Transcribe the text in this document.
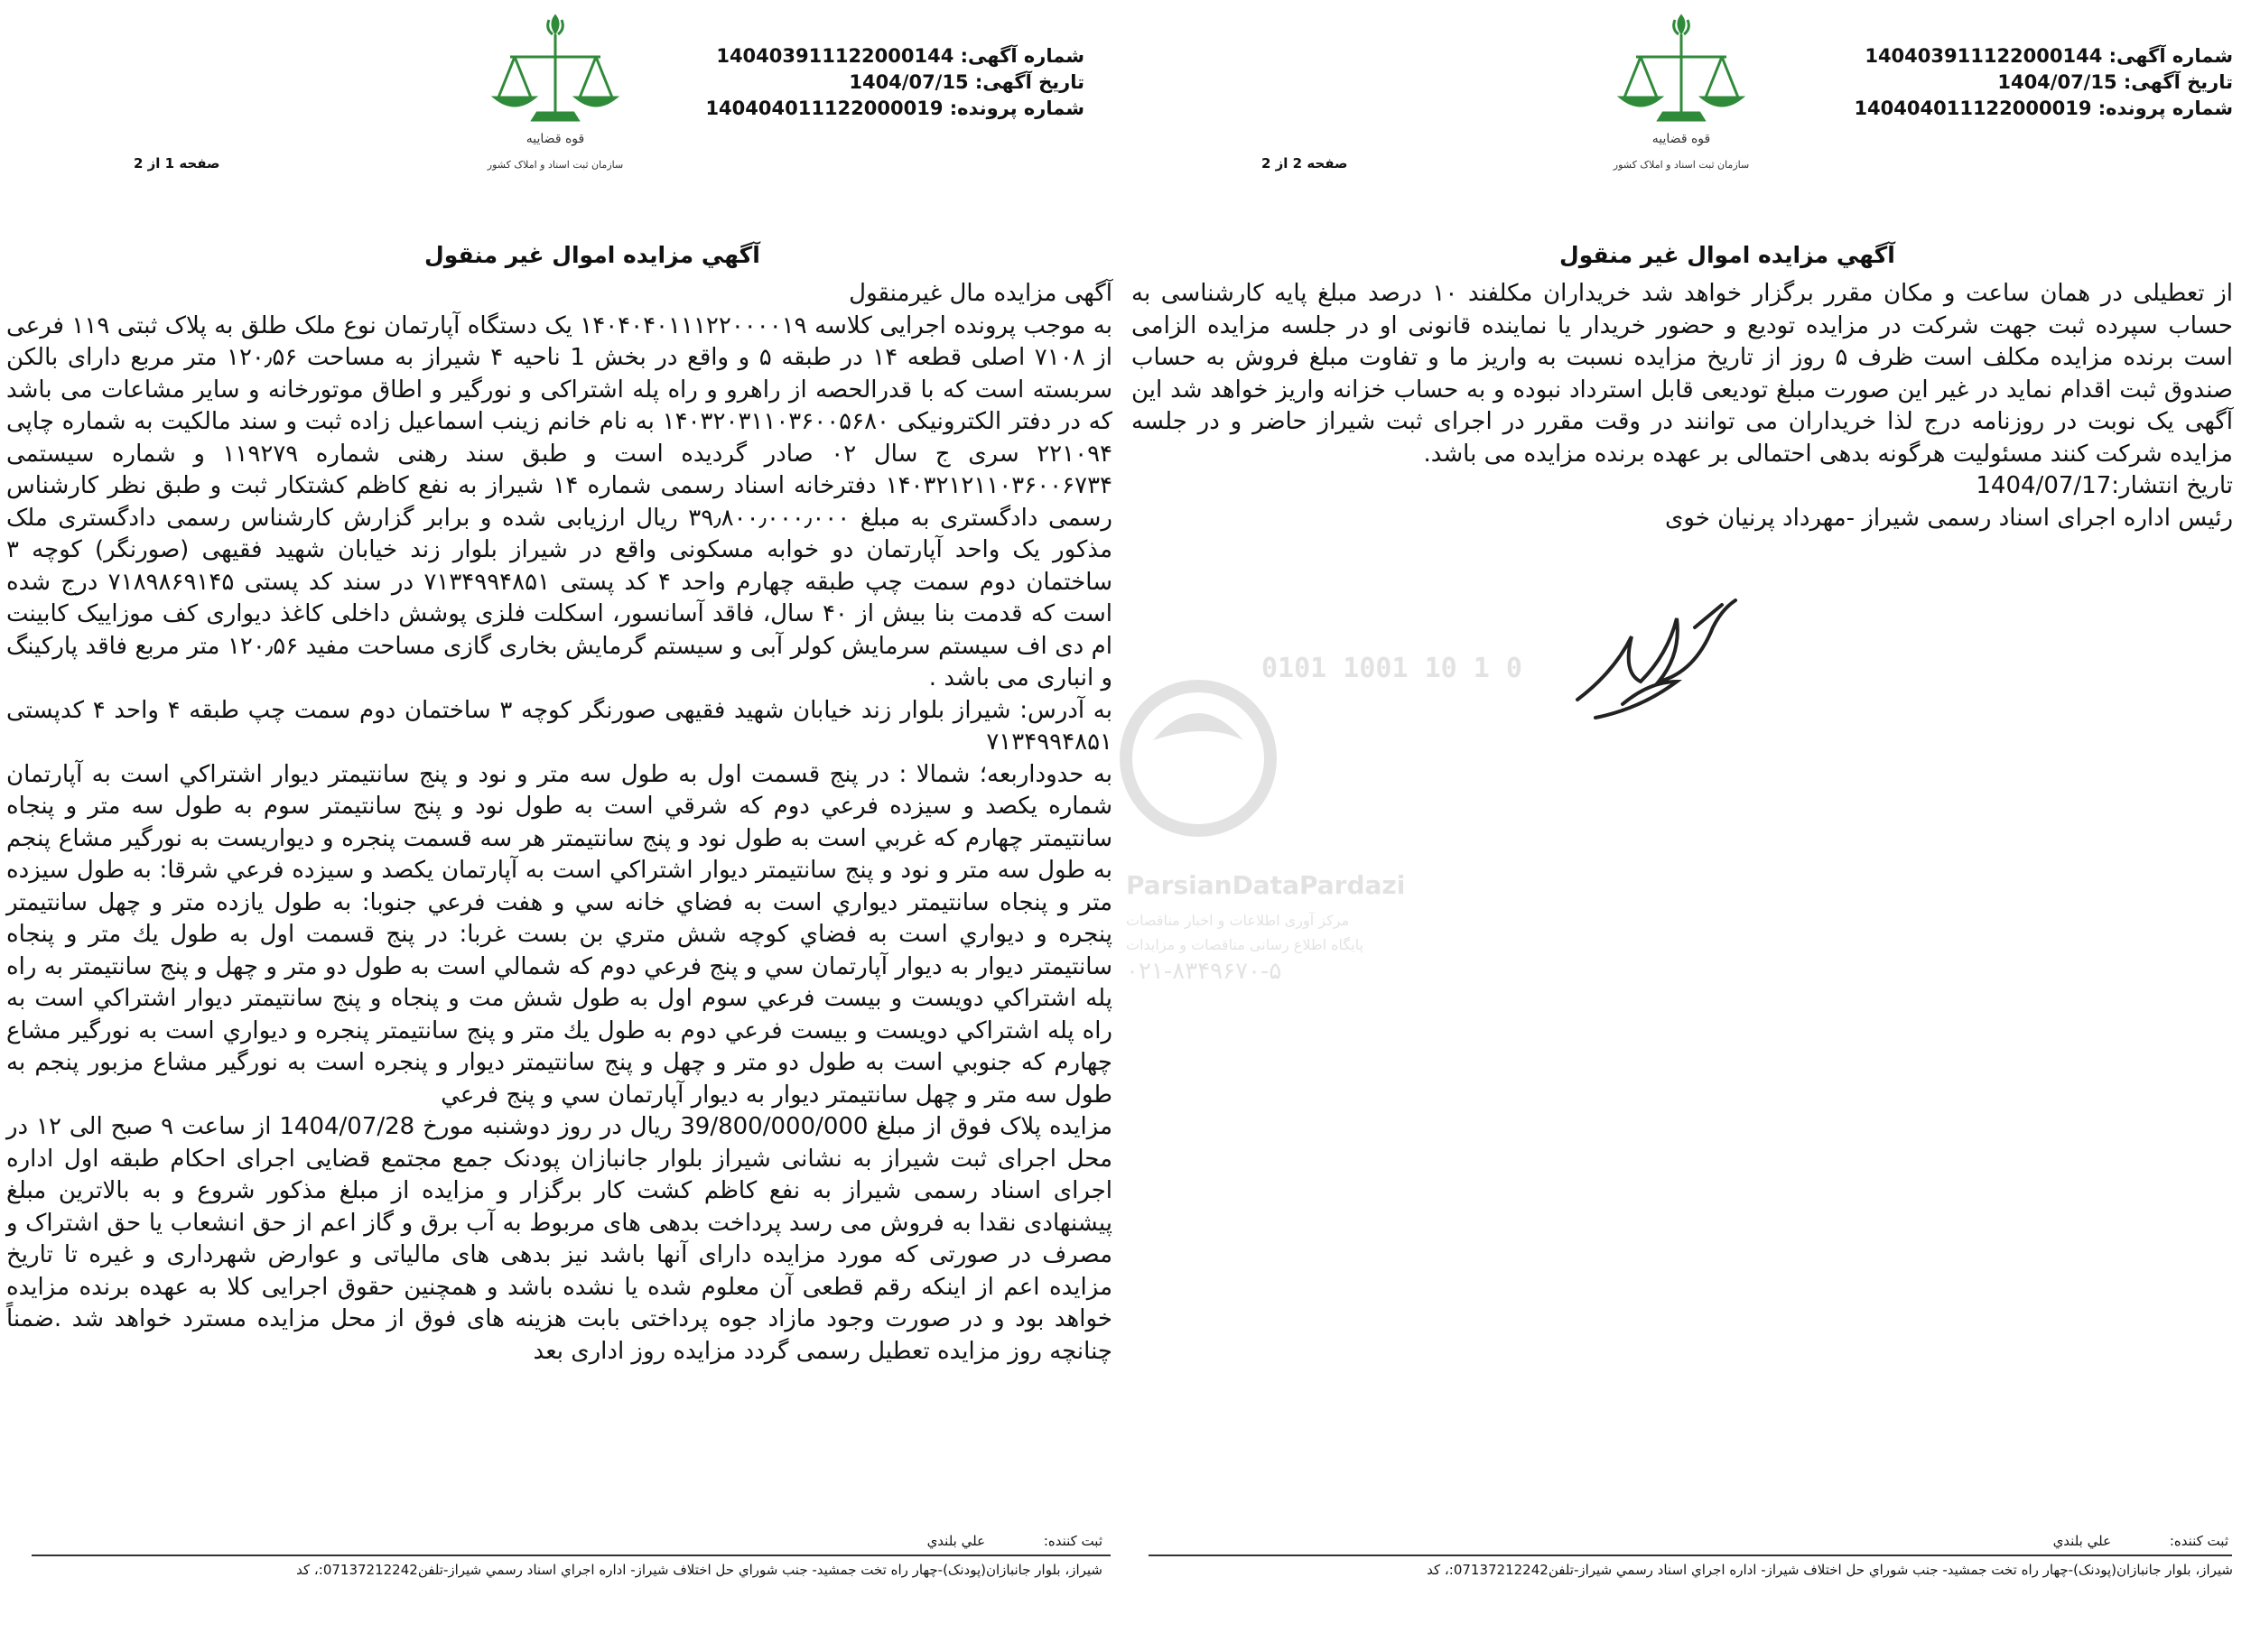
شماره آگهی: 140403911122000144
تاریخ آگهی: 1404/07/15
شماره پرونده: 140404011122000019
قوه قضاییه
سازمان ثبت اسناد و املاک کشور
صفحه 1 از 2
آگهي مزايده اموال غير منقول

آگهی مزایده مال غیرمنقول

به موجب پرونده اجرایی کلاسه ۱۴۰۴۰۴۰۱۱۱۲۲۰۰۰۰۱۹ یک دستگاه آپارتمان نوع ملک طلق به پلاک ثبتی ۱۱۹ فرعی از ۷۱۰۸ اصلی قطعه ۱۴ در طبقه ۵ و واقع در بخش 1 ناحیه ۴ شیراز به مساحت ۱۲۰٫۵۶ متر مربع دارای بالکن سربسته است که با قدرالحصه از راهرو و راه پله اشتراکی و نورگیر و اطاق موتورخانه و سایر مشاعات می باشد که در دفتر الکترونیکی ۱۴۰۳۲۰۳۱۱۰۳۶۰۰۵۶۸۰ به نام خانم زینب اسماعیل زاده ثبت و سند مالکیت به شماره چاپی ۲۲۱۰۹۴ سری ج سال ۰۲ صادر گردیده است و طبق سند رهنی شماره ۱۱۹۲۷۹ و شماره سیستمی ۱۴۰۳۲۱۲۱۱۰۳۶۰۰۶۷۳۴ دفترخانه اسناد رسمی شماره ۱۴ شیراز به نفع کاظم کشتکار ثبت و طبق نظر کارشناس رسمی دادگستری به مبلغ ۳۹٫۸۰۰٫۰۰۰٫۰۰۰ ریال ارزیابی شده و برابر گزارش کارشناس رسمی دادگستری ملک مذکور یک واحد آپارتمان دو خوابه مسکونی واقع در شیراز بلوار زند خیابان شهید فقیهی (صورنگر) کوچه ۳ ساختمان دوم سمت چپ طبقه چهارم واحد ۴ کد پستی ۷۱۳۴۹۹۴۸۵۱ در سند کد پستی ۷۱۸۹۸۶۹۱۴۵ درج شده است که قدمت بنا بیش از ۴۰ سال، فاقد آسانسور، اسکلت فلزی پوشش داخلی کاغذ دیواری کف موزاییک کابینت ام دی اف سیستم سرمایش کولر آبی و سیستم گرمایش بخاری گازی مساحت مفید ۱۲۰٫۵۶ متر مربع فاقد پارکینگ و انباری می باشد .

به آدرس: شیراز بلوار زند خیابان شهید فقیهی صورنگر کوچه ۳ ساختمان دوم سمت چپ طبقه ۴ واحد ۴ کدپستی ۷۱۳۴۹۹۴۸۵۱

به حدوداربعه؛ شمالا : در پنج قسمت اول به طول سه متر و نود و پنج سانتيمتر ديوار اشتراكي است به آپارتمان شماره يكصد و سيزده فرعي دوم كه شرقي است به طول نود و پنج سانتيمتر سوم به طول سه متر و پنجاه سانتيمتر چهارم كه غربي است به طول نود و پنج سانتيمتر هر سه قسمت پنجره و ديواريست به نورگير مشاع پنجم به طول سه متر و نود و پنج سانتيمتر ديوار اشتراكي است به آپارتمان يكصد و سيزده فرعي شرقا: به طول سيزده متر و پنجاه سانتيمتر ديواري است به فضاي خانه سي و هفت فرعي جنوبا: به طول يازده متر و چهل سانتيمتر پنجره و ديواري است به فضاي كوچه شش متري بن بست غربا: در پنج قسمت اول به طول يك متر و پنجاه سانتيمتر ديوار به ديوار آپارتمان سي و پنج فرعي دوم كه شمالي است به طول دو متر و چهل و پنج سانتيمتر به راه پله اشتراكي دويست و بيست فرعي سوم اول به طول شش مت و پنجاه و پنج سانتيمتر ديوار اشتراكي است به راه پله اشتراكي دويست و بيست فرعي دوم به طول يك متر و پنج سانتيمتر پنجره و ديواري است به نورگير مشاع چهارم كه جنوبي است به طول دو متر و چهل و پنج سانتيمتر ديوار و پنجره است به نورگير مشاع مزبور پنجم به طول سه متر و چهل سانتيمتر ديوار به ديوار آپارتمان سي و پنج فرعي

مزایده پلاک فوق از مبلغ 39/800/000/000 ریال در روز دوشنبه مورخ 1404/07/28 از ساعت ۹ صبح الی ۱۲ در محل اجرای ثبت شیراز به نشانی شیراز بلوار جانبازان پودنک جمع مجتمع قضایی اجرای احکام طبقه اول اداره اجرای اسناد رسمی شیراز به نفع کاظم کشت کار برگزار و مزایده از مبلغ مذکور شروع و به بالاترین مبلغ پیشنهادی نقدا به فروش می رسد پرداخت بدهی های مربوط به آب برق و گاز اعم از حق انشعاب یا حق اشتراک و مصرف در صورتی که مورد مزایده دارای آنها باشد نیز بدهی های مالیاتی و عوارض شهرداری و غیره تا تاریخ مزایده اعم از اینکه رقم قطعی آن معلوم شده یا نشده باشد و همچنین حقوق اجرایی کلا به عهده برنده مزایده خواهد بود و در صورت وجود مازاد جوه پرداختی بابت هزینه های فوق از محل مزایده مسترد خواهد شد .ضمناً چنانچه روز مزایده تعطیل رسمی گردد مزایده روز اداری بعد

ثبت كننده: علي بلندي
شيراز، بلوار جانبازان(پودنک)-چهار راه تخت جمشيد- جنب شوراي حل اختلاف شيراز- اداره اجراي اسناد رسمي شيراز-تلفن07137212242:، كد
شماره آگهی: 140403911122000144
تاریخ آگهی: 1404/07/15
شماره پرونده: 140404011122000019
قوه قضاییه
سازمان ثبت اسناد و املاک کشور
صفحه 2 از 2
آگهي مزايده اموال غير منقول

از تعطیلی در همان ساعت و مکان مقرر برگزار خواهد شد خریداران مکلفند ۱۰ درصد مبلغ پایه کارشناسی به حساب سپرده ثبت جهت شرکت در مزایده تودیع و حضور خریدار یا نماینده قانونی او در جلسه مزایده الزامی است برنده مزایده مکلف است ظرف ۵ روز از تاریخ مزایده نسبت به واریز ما و تفاوت مبلغ فروش به حساب صندوق ثبت اقدام نماید در غیر این صورت مبلغ تودیعی قابل استرداد نبوده و به حساب خزانه واریز خواهد شد این آگهی یک نوبت در روزنامه درج لذا خریداران می توانند در وقت مقرر در اجرای ثبت شیراز حاضر و در جلسه مزایده شرکت کنند مسئولیت هرگونه بدهی احتمالی بر عهده برنده مزایده می باشد.

تاریخ انتشار:1404/07/17

رئیس اداره اجرای اسناد رسمی شیراز -مهرداد پرنیان خوی

0101 1001 10 1 0
ParsianDataPardazi
مرکز آوری اطلاعات و اخبار مناقصات
پایگاه اطلاع رسانی مناقصات و مزایدات
۰۲۱-۸۳۴۹۶۷۰-۵
ثبت كننده: علي بلندي
شيراز، بلوار جانبازان(پودنک)-چهار راه تخت جمشيد- جنب شوراي حل اختلاف شيراز- اداره اجراي اسناد رسمي شيراز-تلفن07137212242:، كد
